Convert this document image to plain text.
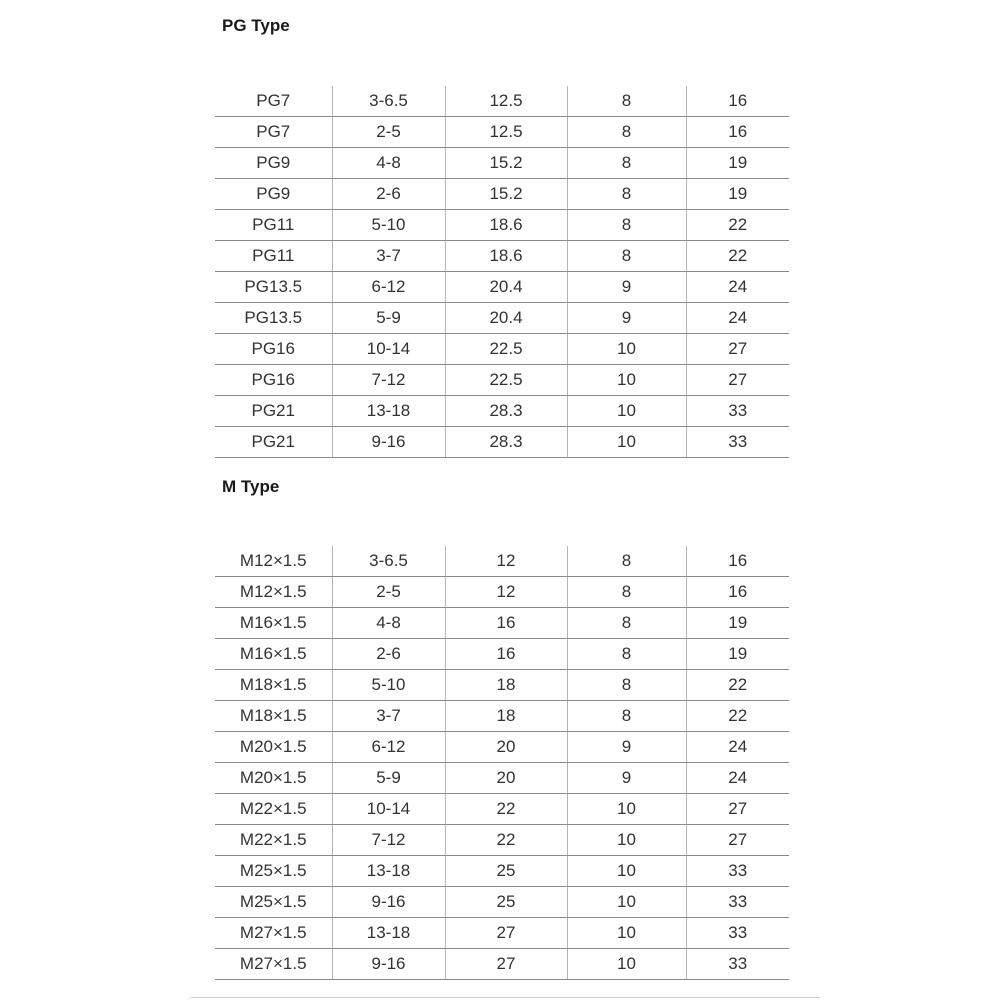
PG Type
PG7	3-6.5	12.5	8	16
PG7	2-5	12.5	8	16
PG9	4-8	15.2	8	19
PG9	2-6	15.2	8	19
PG11	5-10	18.6	8	22
PG11	3-7	18.6	8	22
PG13.5	6-12	20.4	9	24
PG13.5	5-9	20.4	9	24
PG16	10-14	22.5	10	27
PG16	7-12	22.5	10	27
PG21	13-18	28.3	10	33
PG21	9-16	28.3	10	33
M Type
M12×1.5	3-6.5	12	8	16
M12×1.5	2-5	12	8	16
M16×1.5	4-8	16	8	19
M16×1.5	2-6	16	8	19
M18×1.5	5-10	18	8	22
M18×1.5	3-7	18	8	22
M20×1.5	6-12	20	9	24
M20×1.5	5-9	20	9	24
M22×1.5	10-14	22	10	27
M22×1.5	7-12	22	10	27
M25×1.5	13-18	25	10	33
M25×1.5	9-16	25	10	33
M27×1.5	13-18	27	10	33
M27×1.5	9-16	27	10	33
